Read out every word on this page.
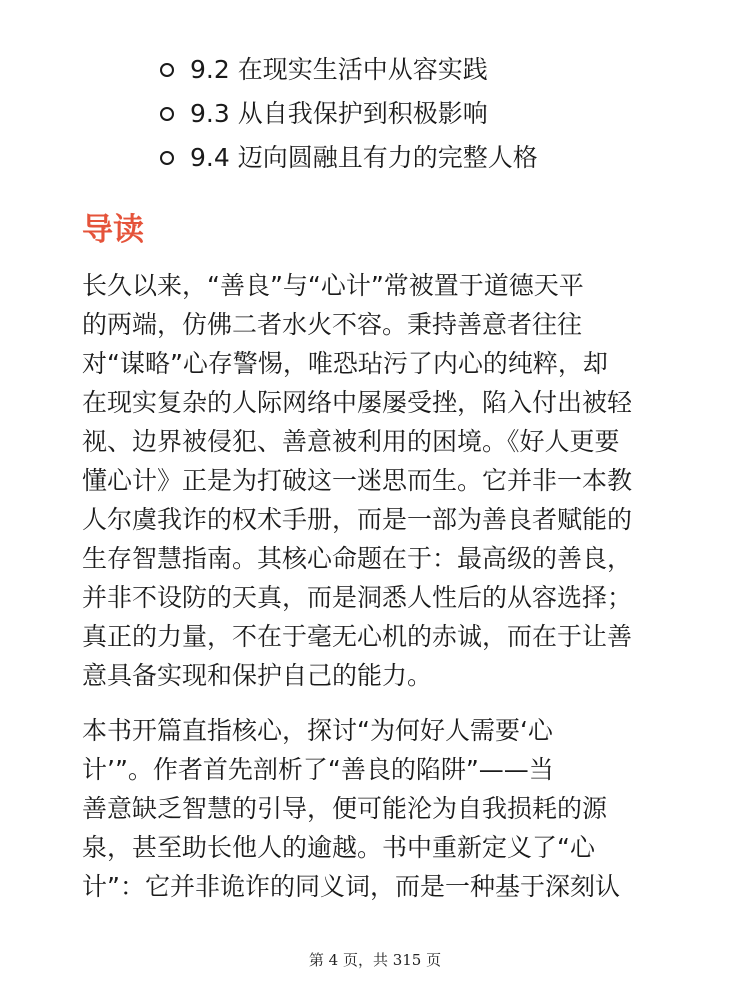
9.2 在现实生活中从容实践
9.3 从自我保护到积极影响
9.4 迈向圆融且有力的完整人格
导读

长久以来，“善良”与“心计”常被置于道德天平
的两端，仿佛二者水火不容。秉持善意者往往
对“谋略”心存警惕，唯恐玷污了内心的纯粹，却
在现实复杂的人际网络中屡屡受挫，陷入付出被轻
视、边界被侵犯、善意被利用的困境。《好人更要
懂心计》正是为打破这一迷思而生。它并非一本教
人尔虞我诈的权术手册，而是一部为善良者赋能的
生存智慧指南。其核心命题在于：最高级的善良，
并非不设防的天真，而是洞悉人性后的从容选择；
真正的力量，不在于毫无心机的赤诚，而在于让善
意具备实现和保护自己的能力。

本书开篇直指核心，探讨“为何好人需要‘心
计’”。作者首先剖析了“善良的陷阱”——当
善意缺乏智慧的引导，便可能沦为自我损耗的源
泉，甚至助长他人的逾越。书中重新定义了“心
计”：它并非诡诈的同义词，而是一种基于深刻认

第 4 页，共 315 页
